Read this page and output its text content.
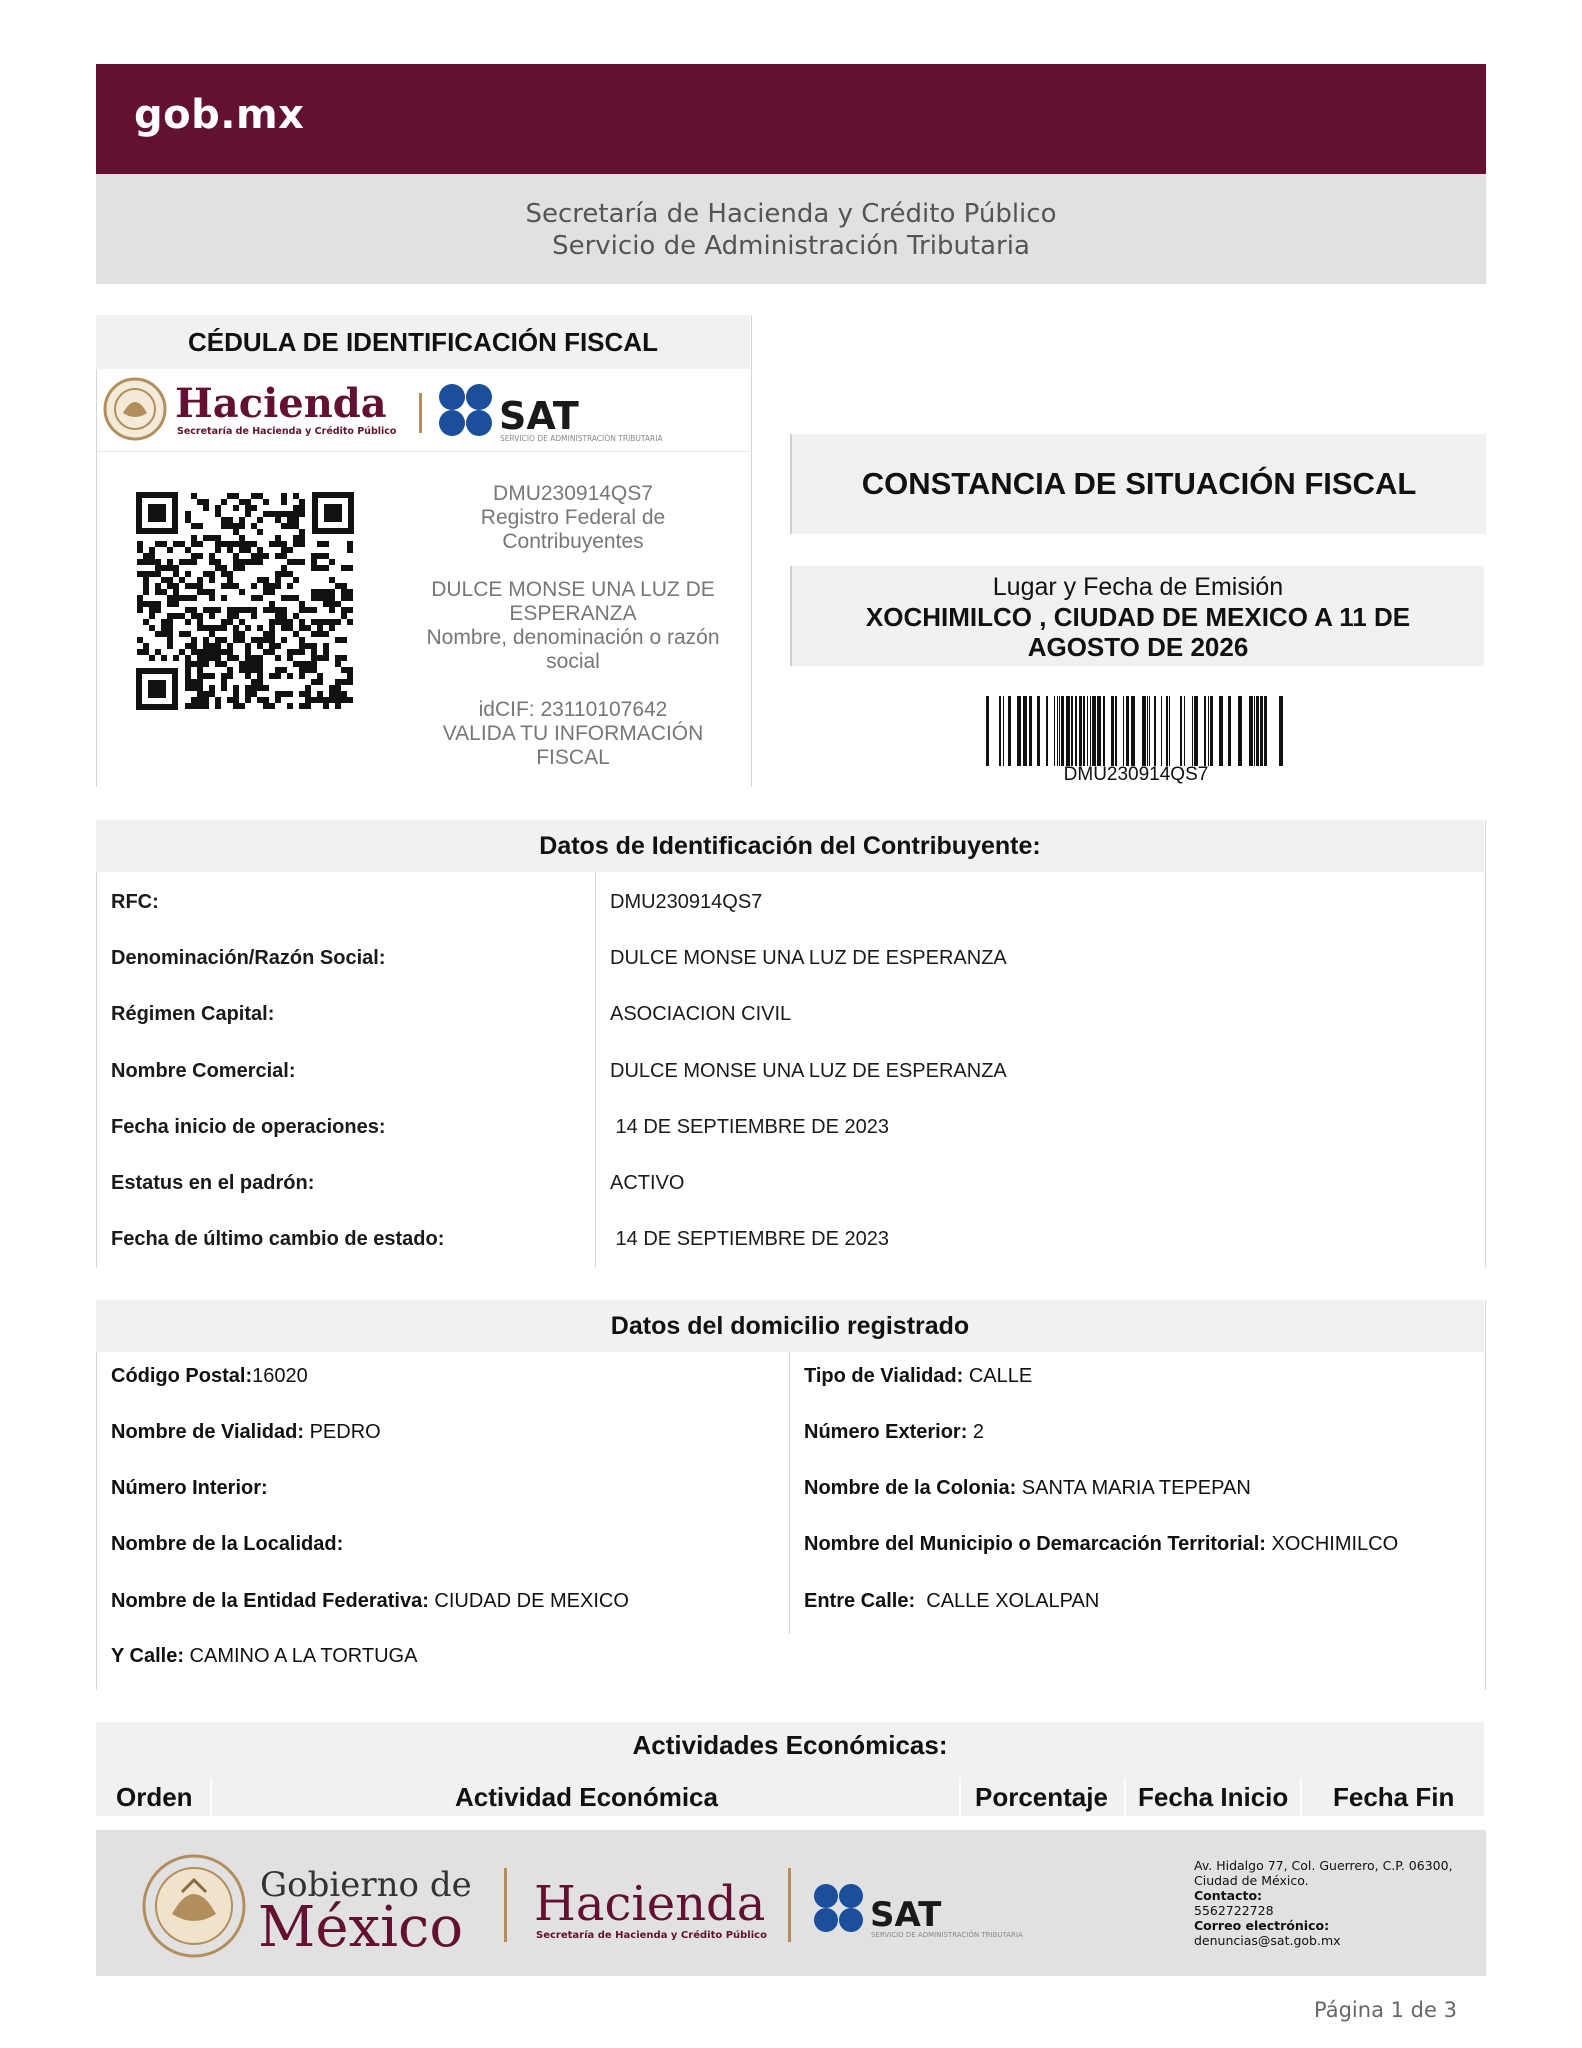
gob.mx
Secretaría de Hacienda y Crédito Público
Servicio de Administración Tributaria
CÉDULA DE IDENTIFICACIÓN FISCAL
Hacienda
Secretaría de Hacienda y Crédito Público	SAT
SERVICIO DE ADMINISTRACIÓN TRIBUTARIA
DMU230914QS7
Registro Federal de Contribuyentes
DULCE MONSE UNA LUZ DE ESPERANZA
Nombre, denominación o razón social
idCIF: 23110107642
VALIDA TU INFORMACIÓN FISCAL
CONSTANCIA DE SITUACIÓN FISCAL
Lugar y Fecha de Emisión
XOCHIMILCO , CIUDAD DE MEXICO A 11 DE
AGOSTO DE 2026
DMU230914QS7
Datos de Identificación del Contribuyente:
RFC:	DMU230914QS7
Denominación/Razón Social:	DULCE MONSE UNA LUZ DE ESPERANZA
Régimen Capital:	ASOCIACION CIVIL
Nombre Comercial:	DULCE MONSE UNA LUZ DE ESPERANZA
Fecha inicio de operaciones:	14 DE SEPTIEMBRE DE 2023
Estatus en el padrón:	ACTIVO
Fecha de último cambio de estado:	14 DE SEPTIEMBRE DE 2023
Datos del domicilio registrado
Código Postal:16020
Nombre de Vialidad: PEDRO
Número Interior:
Nombre de la Localidad:
Nombre de la Entidad Federativa: CIUDAD DE MEXICO
Tipo de Vialidad: CALLE
Número Exterior: 2
Nombre de la Colonia: SANTA MARIA TEPEPAN
Nombre del Municipio o Demarcación Territorial: XOCHIMILCO
Entre Calle:  CALLE XOLALPAN
Y Calle: CAMINO A LA TORTUGA
Actividades Económicas:
Orden	Actividad Económica	Porcentaje Fecha Inicio Fecha Fin
Gobierno de
México Hacienda
Secretaría de Hacienda y Crédito Público
SAT
SERVICIO DE ADMINISTRACIÓN TRIBUTARIA
Av. Hidalgo 77, Col. Guerrero, C.P. 06300,
Ciudad de México.
Contacto:
5562722728
Correo electrónico:
denuncias@sat.gob.mx
Página 1 de 3
